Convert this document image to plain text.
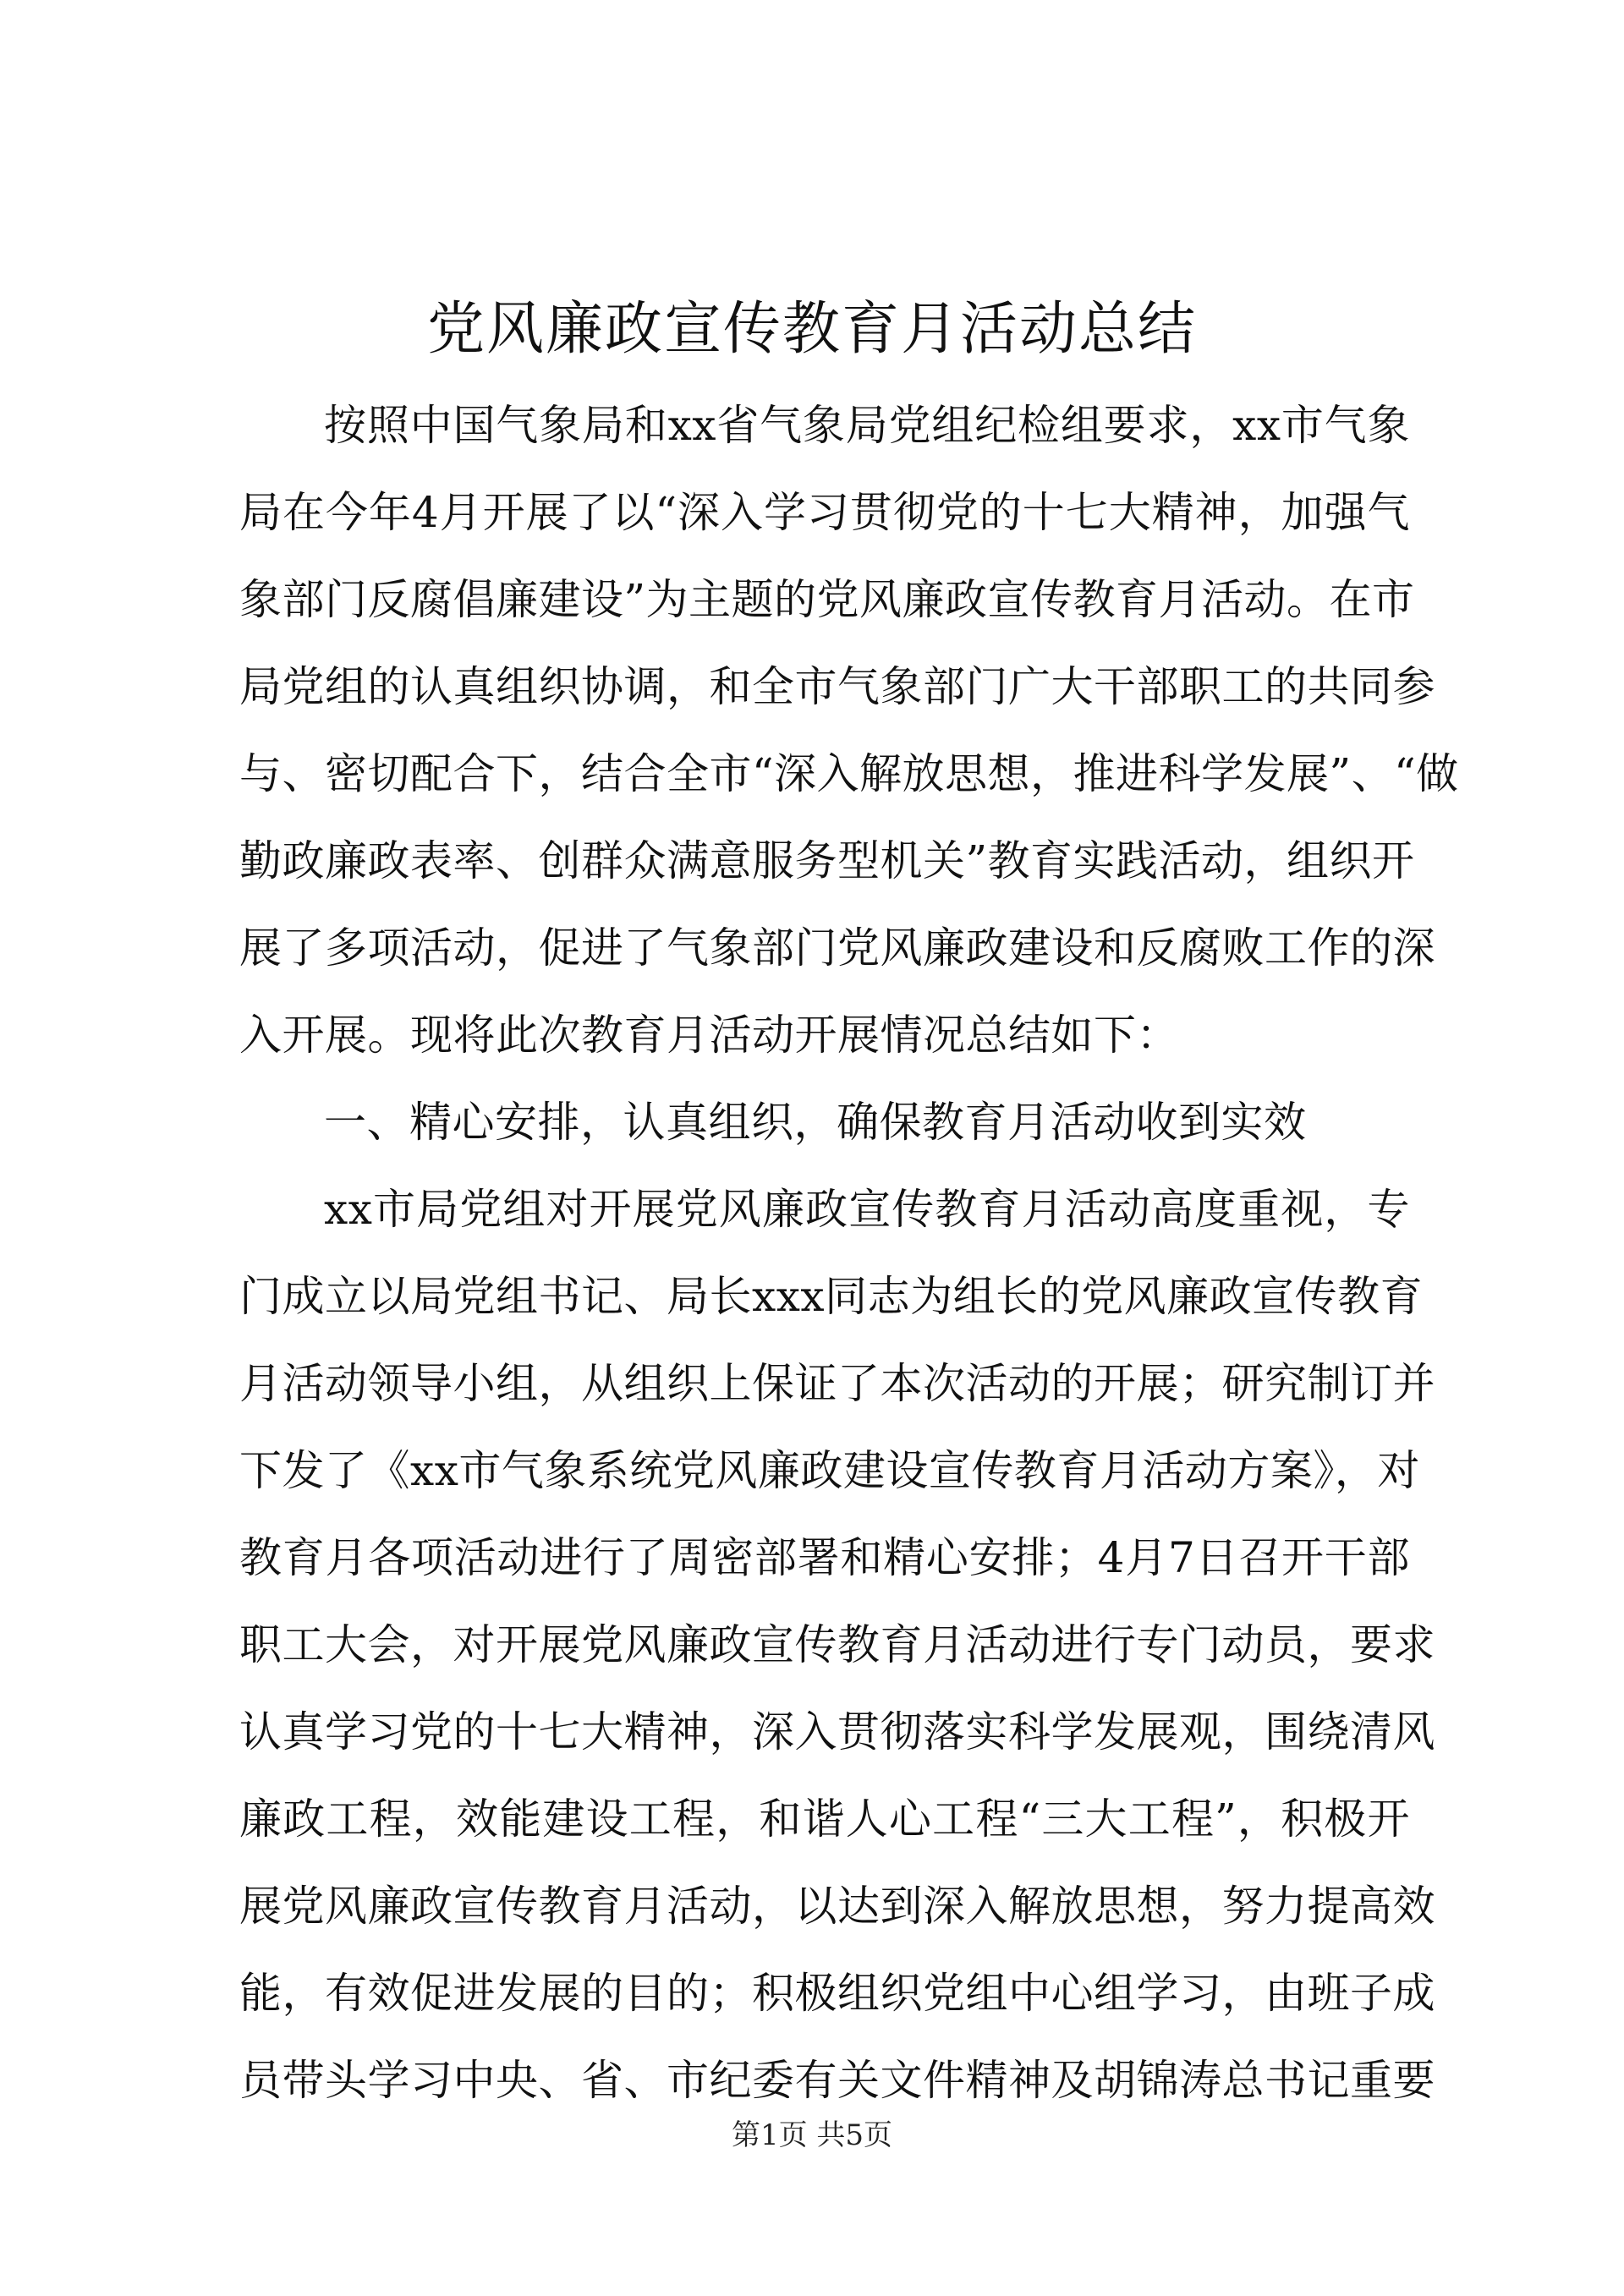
党风廉政宣传教育月活动总结
按照中国气象局和xx省气象局党组纪检组要求，xx市气象
局在今年4月开展了以“深入学习贯彻党的十七大精神，加强气
象部门反腐倡廉建设”为主题的党风廉政宣传教育月活动。在市
局党组的认真组织协调，和全市气象部门广大干部职工的共同参
与、密切配合下，结合全市“深入解放思想，推进科学发展”、“做
勤政廉政表率、创群众满意服务型机关”教育实践活动，组织开
展了多项活动，促进了气象部门党风廉政建设和反腐败工作的深
入开展。现将此次教育月活动开展情况总结如下：
一、精心安排，认真组织，确保教育月活动收到实效
xx市局党组对开展党风廉政宣传教育月活动高度重视，专
门成立以局党组书记、局长xxx同志为组长的党风廉政宣传教育
月活动领导小组，从组织上保证了本次活动的开展；研究制订并
下发了《xx市气象系统党风廉政建设宣传教育月活动方案》，对
教育月各项活动进行了周密部署和精心安排；4月7日召开干部
职工大会，对开展党风廉政宣传教育月活动进行专门动员，要求
认真学习党的十七大精神，深入贯彻落实科学发展观，围绕清风
廉政工程，效能建设工程，和谐人心工程“三大工程”，积极开
展党风廉政宣传教育月活动，以达到深入解放思想，努力提高效
能，有效促进发展的目的；积极组织党组中心组学习，由班子成
员带头学习中央、省、市纪委有关文件精神及胡锦涛总书记重要
第1页 共5页
